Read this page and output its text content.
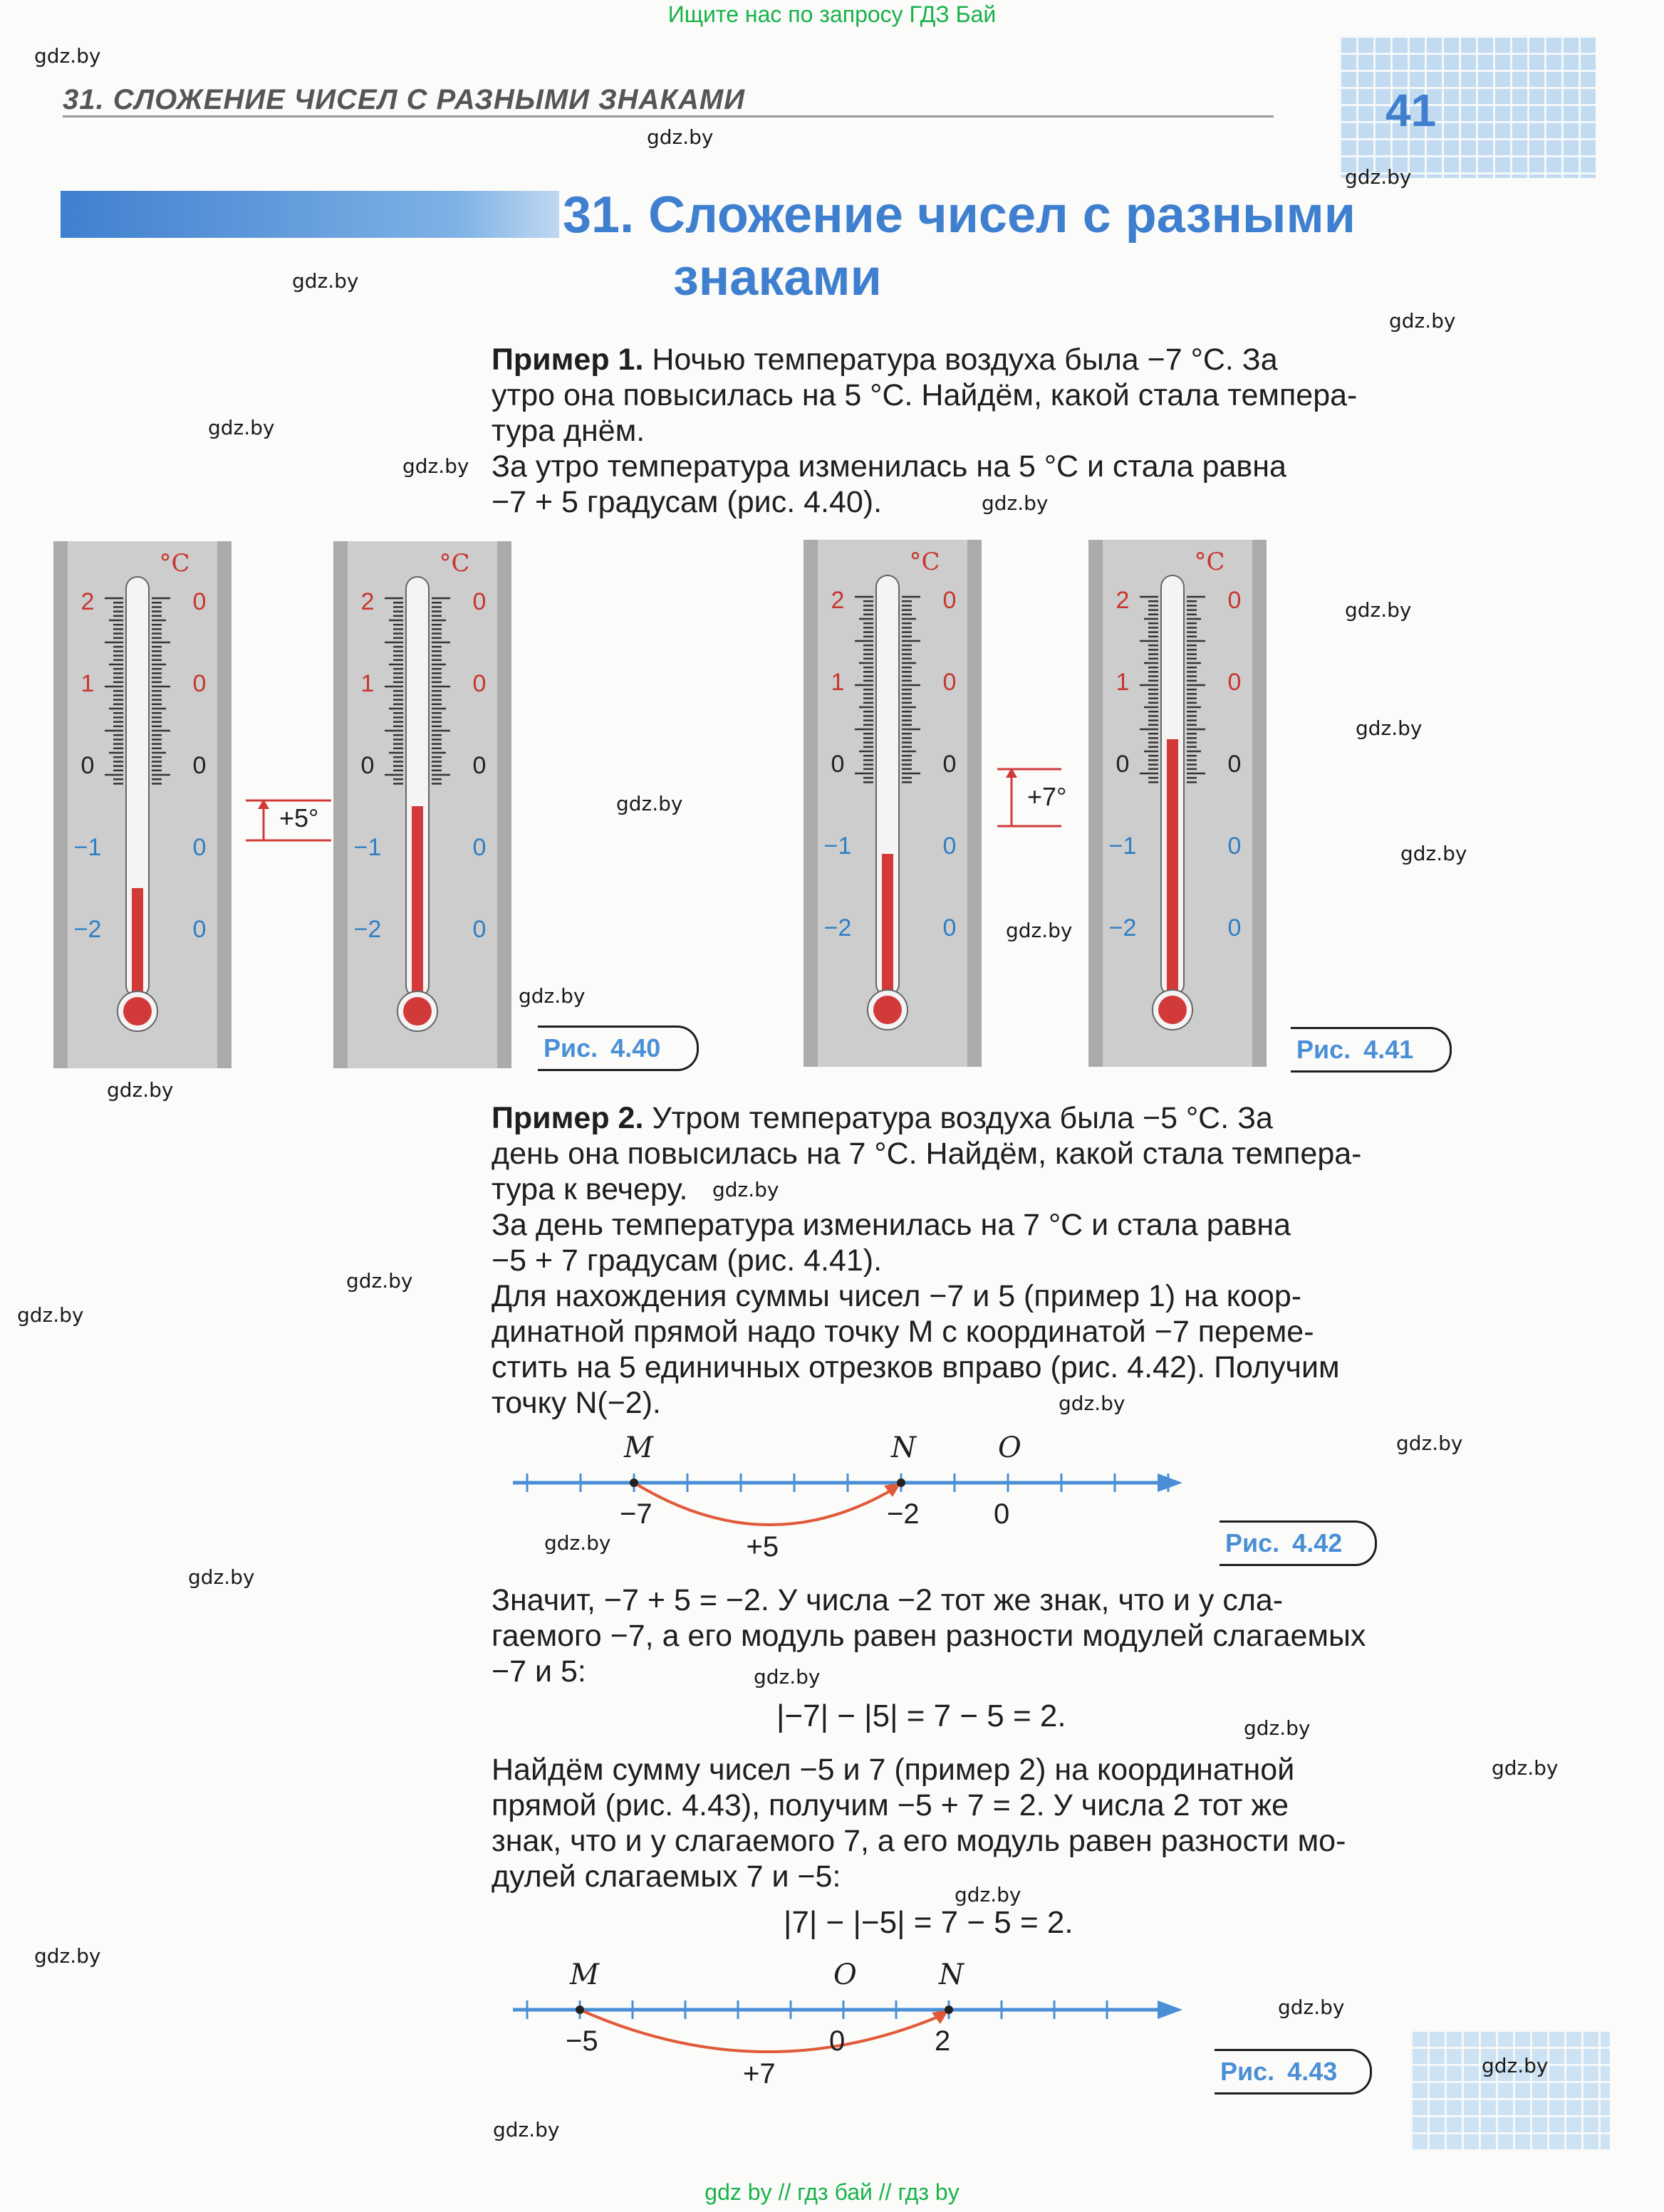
Ищите нас по запросу ГДЗ Бай
31. СЛОЖЕНИЕ ЧИСЕЛ С РАЗНЫМИ ЗНАКАМИ	41
31. Сложение чисел с разными
знаками
Пример 1. Ночью температура воздуха была −7 °C. За
утро она повысилась на 5 °C. Найдём, какой стала темпера-
тура днём.
За утро температура изменилась на 5 °C и стала равна
−7 + 5 градусам (рис. 4.40).
2
1
0
−1
−2
0
0
0
0
0
°C
2
1
0
−1
−2
0
0
0
0
0
°C
2
1
0
−1
−2
0
0
0
0
0
°C
2
1
0
−1
−2
0
0
0
0
0
°C
+5°
+7°
Рис. 4.40	Рис. 4.41
Пример 2. Утром температура воздуха была −5 °C. За
день она повысилась на 7 °C. Найдём, какой стала темпера-
тура к вечеру.
За день температура изменилась на 7 °C и стала равна
−5 + 7 градусам (рис. 4.41).
Для нахождения суммы чисел −7 и 5 (пример 1) на коор-
динатной прямой надо точку M с координатой −7 переме-
стить на 5 единичных отрезков вправо (рис. 4.42). Получим
точку N(−2).
Рис. 4.42
Значит, −7 + 5 = −2. У числа −2 тот же знак, что и у сла-
гаемого −7, а его модуль равен разности модулей слагаемых
−7 и 5:
|−7| − |5| = 7 − 5 = 2.
Найдём сумму чисел −5 и 7 (пример 2) на координатной
прямой (рис. 4.43), получим −5 + 7 = 2. У числа 2 тот же
знак, что и у слагаемого 7, а его модуль равен разности мо-
дулей слагаемых 7 и −5:
|7| − |−5| = 7 − 5 = 2.
Рис. 4.43
gdz.by
gdz.by
gdz.by
gdz.by
gdz.by
gdz.by
gdz.by
gdz.by
gdz.by
gdz.by
gdz.by
gdz.by
gdz.by
gdz.by
gdz.by
gdz.by
gdz.by
gdz.by
gdz.by
gdz.by
gdz.by
gdz.by
gdz.by
gdz.by
gdz.by
gdz.by
gdz.by
gdz.by
gdz.by
gdz.by
gdz by // гдз бай // гдз by
M
−7
N
−2
O
0
+5
M
−5
O
0
N
2
+7
